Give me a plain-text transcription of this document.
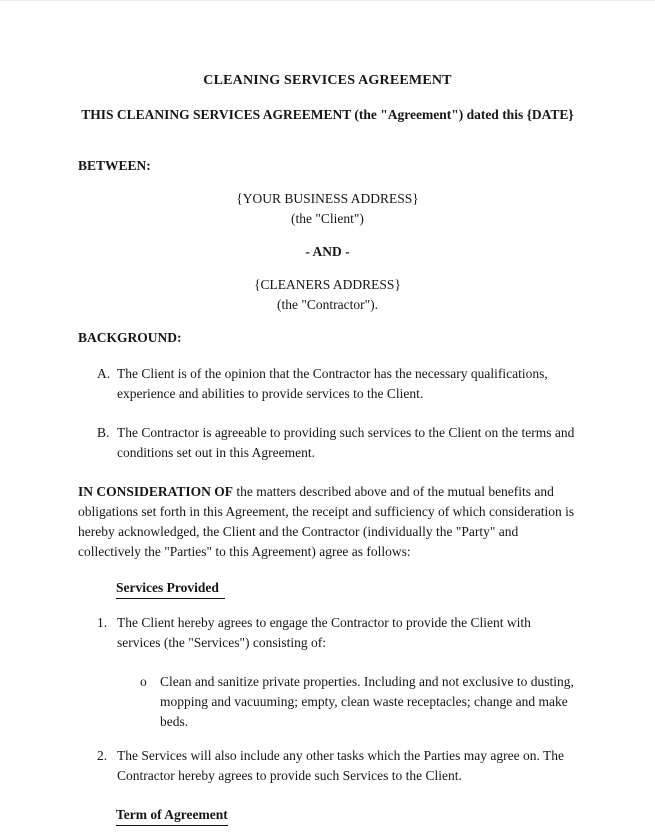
CLEANING SERVICES AGREEMENT

THIS CLEANING SERVICES AGREEMENT (the "Agreement") dated this {DATE}

BETWEEN:

{YOUR BUSINESS ADDRESS}

(the "Client")

- AND -

{CLEANERS ADDRESS}

(the "Contractor").

BACKGROUND:

A. The Client is of the opinion that the Contractor has the necessary qualifications, experience and abilities to provide services to the Client.
B. The Contractor is agreeable to providing such services to the Client on the terms and conditions set out in this Agreement.

IN CONSIDERATION OF the matters described above and of the mutual benefits and obligations set forth in this Agreement, the receipt and sufficiency of which consideration is hereby acknowledged, the Client and the Contractor (individually the "Party" and collectively the "Parties" to this Agreement) agree as follows:

Services Provided

1. The Client hereby agrees to engage the Contractor to provide the Client with services (the "Services") consisting of:
o Clean and sanitize private properties. Including and not exclusive to dusting, mopping and vacuuming; empty, clean waste receptacles; change and make beds.
2. The Services will also include any other tasks which the Parties may agree on. The Contractor hereby agrees to provide such Services to the Client.

Term of Agreement
